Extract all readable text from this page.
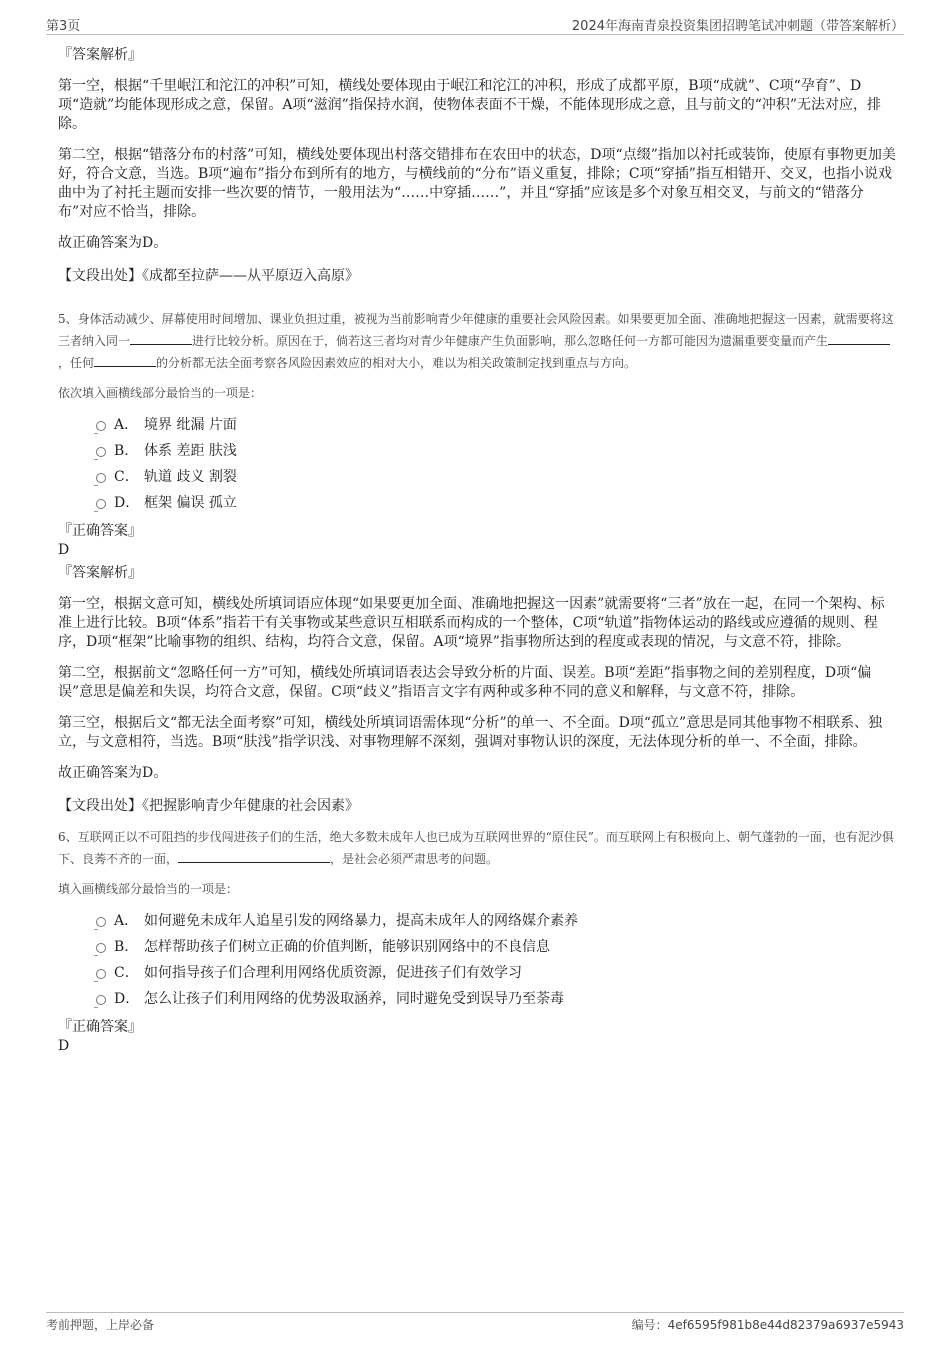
第3页	2024年海南青泉投资集团招聘笔试冲刺题（带答案解析）

『答案解析』

第一空，根据“千里岷江和沱江的冲积”可知，横线处要体现由于岷江和沱江的冲积，形成了成都平原，B项“成就”、C项“孕育”、D项“造就”均能体现形成之意，保留。A项“滋润”指保持水润，使物体表面不干燥，不能体现形成之意，且与前文的“冲积”无法对应，排除。

第二空，根据“错落分布的村落”可知，横线处要体现出村落交错排布在农田中的状态，D项“点缀”指加以衬托或装饰，使原有事物更加美好，符合文意，当选。B项“遍布”指分布到所有的地方，与横线前的“分布”语义重复，排除；C项“穿插”指互相错开、交叉，也指小说戏曲中为了衬托主题而安排一些次要的情节，一般用法为“……中穿插……”，并且“穿插”应该是多个对象互相交叉，与前文的“错落分布”对应不恰当，排除。

故正确答案为D。

【文段出处】《成都至拉萨——从平原迈入高原》

5、身体活动减少、屏幕使用时间增加、课业负担过重，被视为当前影响青少年健康的重要社会风险因素。如果要更加全面、准确地把握这一因素，就需要将这三者纳入同一	进行比较分析。原因在于，倘若这三者均对青少年健康产生负面影响，那么忽略任何一方都可能因为遗漏重要变量而产生，任何	的分析都无法全面考察各风险因素效应的相对大小，难以为相关政策制定找到重点与方向。

依次填入画横线部分最恰当的一项是：

A． 境界 纰漏 片面
B． 体系 差距 肤浅
C． 轨道 歧义 割裂
D． 框架 偏误 孤立

『正确答案』

D

『答案解析』

第一空，根据文意可知，横线处所填词语应体现“如果要更加全面、准确地把握这一因素”就需要将“三者”放在一起，在同一个架构、标准上进行比较。B项“体系”指若干有关事物或某些意识互相联系而构成的一个整体，C项“轨道”指物体运动的路线或应遵循的规则、程序，D项“框架”比喻事物的组织、结构，均符合文意，保留。A项“境界”指事物所达到的程度或表现的情况，与文意不符，排除。

第二空，根据前文“忽略任何一方”可知，横线处所填词语表达会导致分析的片面、误差。B项“差距”指事物之间的差别程度，D项“偏误”意思是偏差和失误，均符合文意，保留。C项“歧义”指语言文字有两种或多种不同的意义和解释，与文意不符，排除。

第三空，根据后文“都无法全面考察”可知，横线处所填词语需体现“分析”的单一、不全面。D项“孤立”意思是同其他事物不相联系、独立，与文意相符，当选。B项“肤浅”指学识浅、对事物理解不深刻，强调对事物认识的深度，无法体现分析的单一、不全面，排除。

故正确答案为D。

【文段出处】《把握影响青少年健康的社会因素》

6、互联网正以不可阻挡的步伐闯进孩子们的生活，绝大多数未成年人也已成为互联网世界的“原住民”。而互联网上有积极向上、朝气蓬勃的一面，也有泥沙俱下、良莠不齐的一面，	，是社会必须严肃思考的问题。

填入画横线部分最恰当的一项是：

A． 如何避免未成年人追星引发的网络暴力，提高未成年人的网络媒介素养
B． 怎样帮助孩子们树立正确的价值判断，能够识别网络中的不良信息
C． 如何指导孩子们合理利用网络优质资源，促进孩子们有效学习
D． 怎么让孩子们利用网络的优势汲取涵养，同时避免受到误导乃至荼毒

『正确答案』

D

考前押题，上岸必备	编号：4ef6595f981b8e44d82379a6937e5943
